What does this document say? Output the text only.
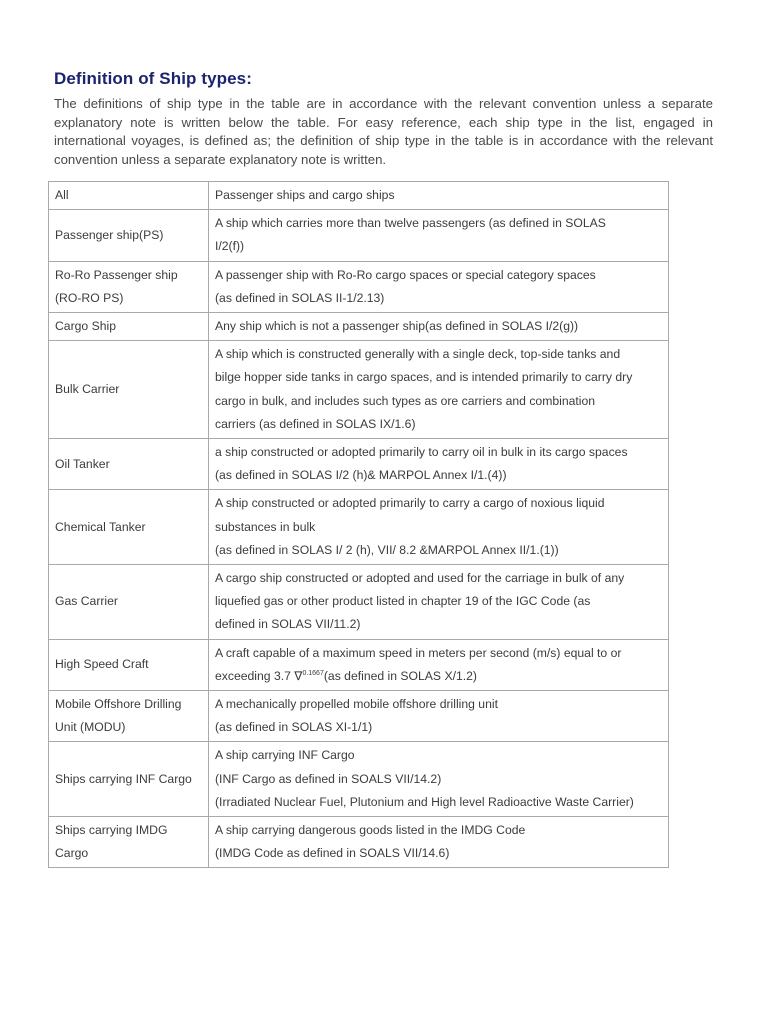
Definition of Ship types:

The definitions of ship type in the table are in accordance with the relevant convention unless a separate explanatory note is written below the table. For easy reference, each ship type in the list, engaged in international voyages, is defined as; the definition of ship type in the table is in accordance with the relevant convention unless a separate explanatory note is written.

All	Passenger ships and cargo ships

Passenger ship(PS)	A ship which carries more than twelve passengers (as defined in SOLAS
I/2(f))

Ro-Ro Passenger ship
(RO-RO PS)	A passenger ship with Ro-Ro cargo spaces or special category spaces
(as defined in SOLAS II-1/2.13)

Cargo Ship	Any ship which is not a passenger ship(as defined in SOLAS I/2(g))

Bulk Carrier	A ship which is constructed generally with a single deck, top-side tanks and
bilge hopper side tanks in cargo spaces, and is intended primarily to carry dry
cargo in bulk, and includes such types as ore carriers and combination
carriers (as defined in SOLAS IX/1.6)

Oil Tanker	a ship constructed or adopted primarily to carry oil in bulk in its cargo spaces
(as defined in SOLAS I/2 (h)& MARPOL Annex I/1.(4))

Chemical Tanker	A ship constructed or adopted primarily to carry a cargo of noxious liquid
substances in bulk
(as defined in SOLAS I/ 2 (h), VII/ 8.2 &MARPOL Annex II/1.(1))

Gas Carrier	A cargo ship constructed or adopted and used for the carriage in bulk of any
liquefied gas or other product listed in chapter 19 of the IGC Code (as
defined in SOLAS VII/11.2)

High Speed Craft	A craft capable of a maximum speed in meters per second (m/s) equal to or
exceeding 3.7 ∇$^{0.1667}$(as defined in SOLAS X/1.2)

Mobile Offshore Drilling
Unit (MODU)	A mechanically propelled mobile offshore drilling unit
(as defined in SOLAS XI-1/1)

Ships carrying INF Cargo	A ship carrying INF Cargo
(INF Cargo as defined in SOALS VII/14.2)
(Irradiated Nuclear Fuel, Plutonium and High level Radioactive Waste Carrier)

Ships carrying IMDG
Cargo	A ship carrying dangerous goods listed in the IMDG Code
(IMDG Code as defined in SOALS VII/14.6)
